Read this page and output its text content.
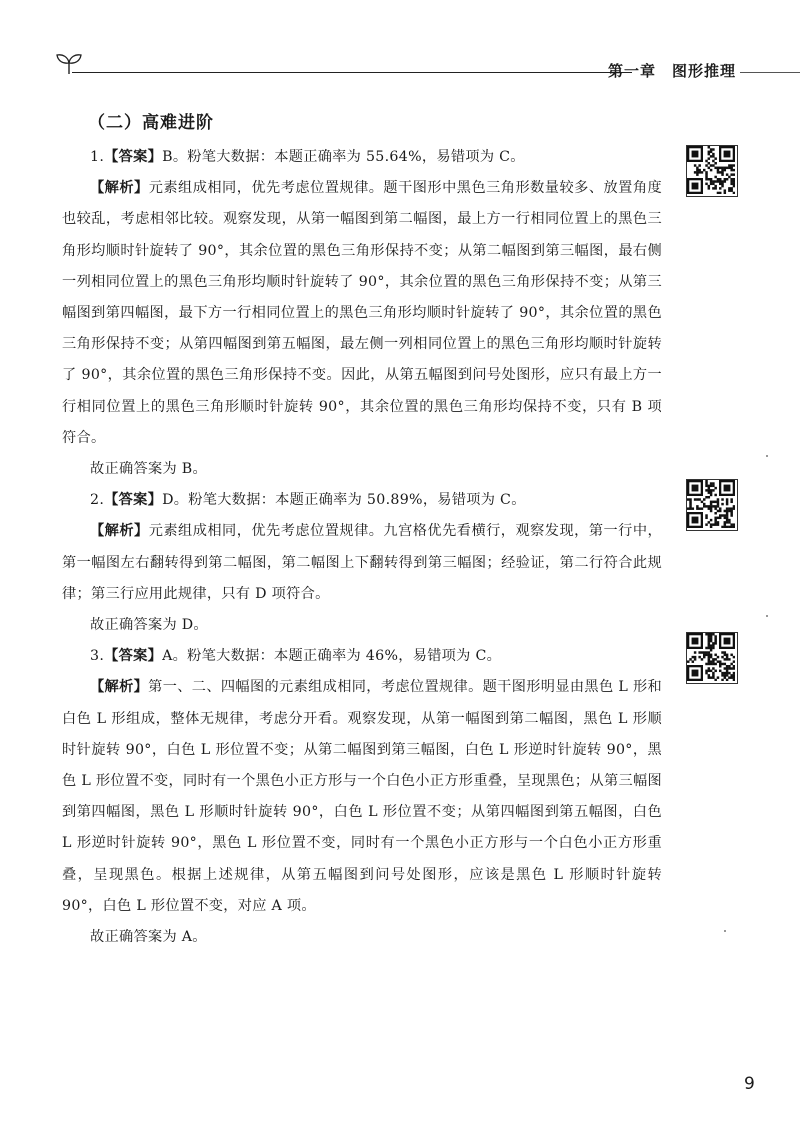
第一章 图形推理
（二）高难进阶

1.【答案】B。粉笔大数据：本题正确率为 55.64%，易错项为 C。

【解析】元素组成相同，优先考虑位置规律。题干图形中黑色三角形数量较多、放置角度也较乱，考虑相邻比较。观察发现，从第一幅图到第二幅图，最上方一行相同位置上的黑色三角形均顺时针旋转了 90°，其余位置的黑色三角形保持不变；从第二幅图到第三幅图，最右侧一列相同位置上的黑色三角形均顺时针旋转了 90°，其余位置的黑色三角形保持不变；从第三幅图到第四幅图，最下方一行相同位置上的黑色三角形均顺时针旋转了 90°，其余位置的黑色三角形保持不变；从第四幅图到第五幅图，最左侧一列相同位置上的黑色三角形均顺时针旋转了 90°，其余位置的黑色三角形保持不变。因此，从第五幅图到问号处图形，应只有最上方一行相同位置上的黑色三角形顺时针旋转 90°，其余位置的黑色三角形均保持不变，只有 B 项符合。

故正确答案为 B。

2.【答案】D。粉笔大数据：本题正确率为 50.89%，易错项为 C。

【解析】元素组成相同，优先考虑位置规律。九宫格优先看横行，观察发现，第一行中，第一幅图左右翻转得到第二幅图，第二幅图上下翻转得到第三幅图；经验证，第二行符合此规律；第三行应用此规律，只有 D 项符合。

故正确答案为 D。

3.【答案】A。粉笔大数据：本题正确率为 46%，易错项为 C。

【解析】第一、二、四幅图的元素组成相同，考虑位置规律。题干图形明显由黑色 L 形和白色 L 形组成，整体无规律，考虑分开看。观察发现，从第一幅图到第二幅图，黑色 L 形顺时针旋转 90°，白色 L 形位置不变；从第二幅图到第三幅图，白色 L 形逆时针旋转 90°，黑色 L 形位置不变，同时有一个黑色小正方形与一个白色小正方形重叠，呈现黑色；从第三幅图到第四幅图，黑色 L 形顺时针旋转 90°，白色 L 形位置不变；从第四幅图到第五幅图，白色 L 形逆时针旋转 90°，黑色 L 形位置不变，同时有一个黑色小正方形与一个白色小正方形重叠，呈现黑色。根据上述规律，从第五幅图到问号处图形，应该是黑色 L 形顺时针旋转 90°，白色 L 形位置不变，对应 A 项。

故正确答案为 A。

9
